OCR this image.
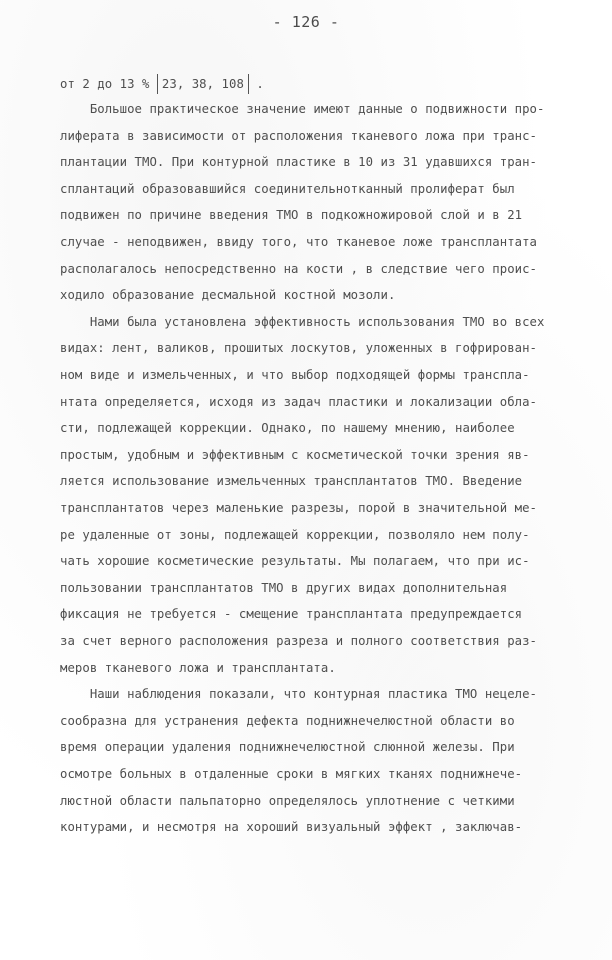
- 126 -
от 2 до 13 % 23, 38, 108 .
Большое практическое значение имеют данные о подвижности про-
лиферата в зависимости от расположения тканевого ложа при транс-
плантации ТМО. При контурной пластике в 10 из 31 удавшихся тран-
сплантаций образовавшийся соединительнотканный пролиферат был
подвижен по причине введения ТМО в подкожножировой слой и в 21
случае - неподвижен, ввиду того, что тканевое ложе трансплантата
располагалось непосредственно на кости , в следствие чего проис-
ходило образование десмальной костной мозоли.
Нами была установлена эффективность использования ТМО во всех
видах: лент, валиков, прошитых лоскутов, уложенных в гофрирован-
ном виде и измельченных, и что выбор подходящей формы транспла-
нтата определяется, исходя из задач пластики и локализации обла-
сти, подлежащей коррекции. Однако, по нашему мнению, наиболее
простым, удобным и эффективным с косметической точки зрения яв-
ляется использование измельченных трансплантатов ТМО. Введение
трансплантатов через маленькие разрезы, порой в значительной ме-
ре удаленные от зоны, подлежащей коррекции, позволяло нем полу-
чать хорошие косметические результаты. Мы полагаем, что при ис-
пользовании трансплантатов ТМО в других видах дополнительная
фиксация не требуется - смещение трансплантата предупреждается
за счет верного расположения разреза и полного соответствия раз-
меров тканевого ложа и трансплантата.
Наши наблюдения показали, что контурная пластика ТМО нецеле-
сообразна для устранения дефекта поднижнечелюстной области во
время операции удаления поднижнечелюстной слюнной железы. При
осмотре больных в отдаленные сроки в мягких тканях поднижнече-
люстной области пальпаторно определялось уплотнение с четкими
контурами, и несмотря на хороший визуальный эффект , заключав-
